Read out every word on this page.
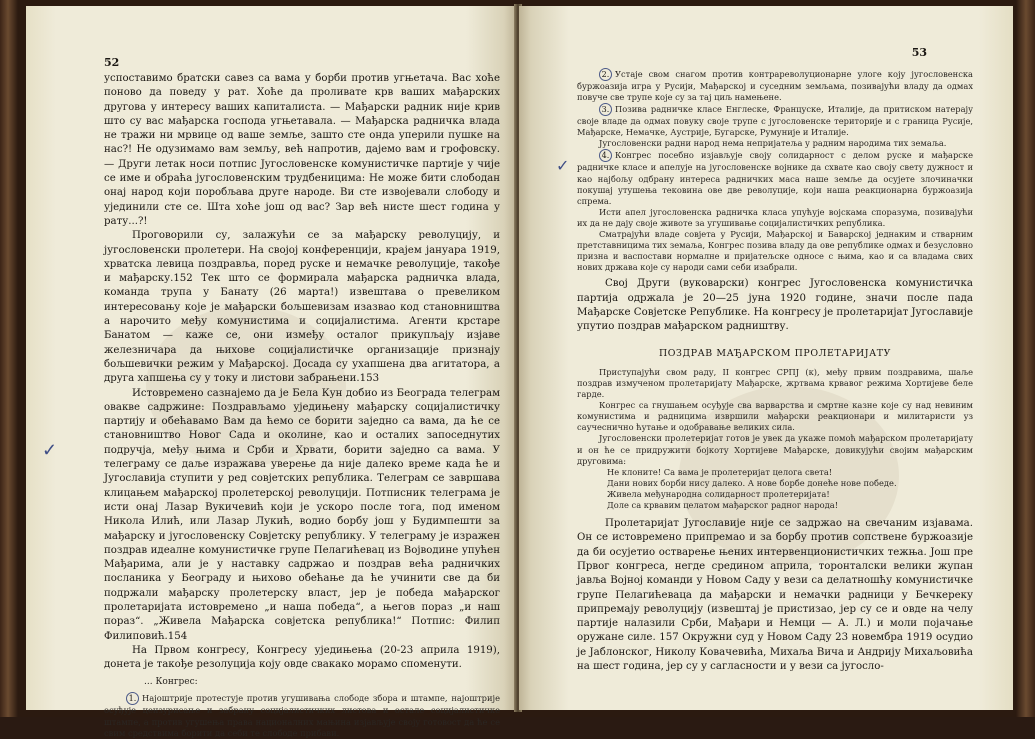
52
✓

успоставимо братски савез са вама у борби против угњетача. Вас хоће поново да поведу у рат. Хоће да проливате крв ваших мађарских другова у интересу ваших капиталиста. — Мађарски радник није крив што су вас мађарска господа угњетавала. — Мађарска радничка влада не тражи ни мрвице од ваше земље, зашто сте онда уперили пушке на нас?! Не одузимамо вам земљу, већ напротив, дајемо вам и грофовску. — Други летак носи потпис Југословенске комунистичке партије у чије се име и обраћа југословенским трудбеницима: Не може бити слободан онај народ који поробљава друге народе. Ви сте извојевали слободу и ујединили сте се. Шта хоће још од вас? Зар већ нисте шест година у рату...?!

Проговорили су, залажући се за мађарску револуцију, и југословенски пролетери. На својој конференцији, крајем јануара 1919, хрватска левица поздравља, поред руске и немачке револуције, такође и мађарску.152 Тек што се формирала мађарска радничка влада, команда трупа у Банату (26 марта!) извештава о превеликом интересовању које је мађарски бољшевизам изазвао код становништва а нарочито међу комунистима и социјалистима. Агенти крстаре Банатом — каже се, они између осталог прикупљају изјаве железничара да њихове социјалистичке организације признају бољшевички режим у Мађарској. Досада су ухапшена два агитатора, а друга хапшења су у току и листови забрањени.153

Истовремено сазнајемо да је Бела Кун добио из Београда телеграм овакве садржине: Поздрављамо уједињену мађарску социјалистичку партију и обећавамо Вам да ћемо се борити заједно са вама, да ће се становништво Новог Сада и околине, као и осталих запоседнутих подручја, међу њима и Срби и Хрвати, борити заједно са вама. У телеграму се даље изражава уверење да није далеко време када ће и Југославија ступити у ред совјетских република. Телеграм се завршава клицањем мађарској пролетерској револуцији. Потписник телеграма је исти онај Лазар Вукичевић који је ускоро после тога, под именом Никола Илић, или Лазар Лукић, водио борбу још у Будимпешти за мађарску и југословенску Совјетску републику. У телеграму је изражен поздрав идеалне комунистичке групе Пелагићевац из Војводине упућен Мађарима, али је у наставку садржао и поздрав већа радничких посланика у Београду и њихово обећање да ће учинити све да би подржали мађарску пролетерску власт, јер је победа мађарског пролетаријата истовремено „и наша победа“, а његов пораз „и наш пораз“. „Живела Мађарска совјетска република!“ Потпис: Филип Филиповић.154

На Првом конгресу, Конгресу уједињења (20-23 априла 1919), донета је такође резолуција коју овде свакако морамо споменути.

... Конгрес:

1. Најоштрије протестује против угушивања слободе збора и штампе, најоштрије осуђује цензурисање и забрану социјалистичких листова и остале социјалистичке штампе, а против угушења права националних мањина изјављује своју готовост да ће се свим средствима борити да себи те слободе прибави.

53
✓

2. Устаје свом снагом против контрареволуционарне улоге коју југословенска буржоазија игра у Русији, Мађарској и суседним земљама, позивајући владу да одмах повуче све трупе које су за тај циљ намењене.

3. Позива радничке класе Енглеске, Француске, Италије, да притиском натерају своје владе да одмах повуку своје трупе с југословенске територије и с граница Русије, Мађарске, Немачке, Аустрије, Бугарске, Румуније и Италије.

Југословенски радни народ нема непријатеља у радним народима тих земаља.

4. Конгрес посебно изјављује своју солидарност с делом руске и мађарске радничке класе и апелује на југословенске војнике да схвате као своју свету дужност и као најбољу одбрану интереса радничких маса наше земље да осујете злочиначки покушај утушења тековина ове две револуције, који наша реакционарна буржоазија спрема.

Исти апел југословенска радничка класа упућује војскама споразума, позивајући их да не дају своје животе за угушивање социјалистичких република.

Сматрајући владе совјета у Русији, Мађарској и Баварској једнаким и стварним претставницима тих земаља, Конгрес позива владу да ове републике одмах и безусловно призна и васпостави нормалне и пријатељске односе с њима, као и са владама свих нових држава које су народи сами себи изабрали.

Свој Други (вуковарски) конгрес Југословенска комунистичка партија одржала је 20—25 јуна 1920 године, значи после пада Мађарске Совјетске Републике. На конгресу је пролетаријат Југославије упутио поздрав мађарском радништву.

ПОЗДРАВ МАЂАРСКОМ ПРОЛЕТАРИЈАТУ

Приступајући свом раду, II конгрес СРПЈ (к), међу првим поздравима, шаље поздрав измученом пролетаријату Мађарске, жртвама крвавог режима Хортијеве беле гарде.

Конгрес са гнушањем осуђује сва варварства и смртне казне које су над невиним комунистима и радницима извршили мађарски реакционари и милитаристи уз саучеснично ћутање и одобравање великих сила.

Југословенски пролетеријат готов је увек да укаже помоћ мађарском пролетаријату и он ће се придружити бојкоту Хортијеве Мађарске, довикујући својим мађарским друговима:

Не клоните! Са вама је пролетеријат целога света!

Дани нових борби нису далеко. А нове борбе донеће нове победе.

Живела међународна солидарност пролетеријата!

Доле са крвавим целатом мађарског радног народа!

Пролетаријат Југославије није се задржао на свечаним изјавама. Он се истовремено припремао и за борбу против сопствене буржоазије да би осујетио остварење њених интервенционистичких тежња. Још пре Првог конгреса, негде средином априла, торонталски велики жупан јавља Војној команди у Новом Саду у вези са делатношћу комунистичке групе Пелагићеваца да мађарски и немачки радници у Бечкереку припремају револуцију (извештај је пристизао, јер су се и овде на челу партије налазили Срби, Мађари и Немци — А. Л.) и моли појачање оружане силе. 157 Окружни суд у Новом Саду 23 новембра 1919 осудио је Јаблонског, Николу Ковачевића, Михаља Вича и Андрију Михаљовића на шест година, јер су у сагласности и у вези са југосло-
